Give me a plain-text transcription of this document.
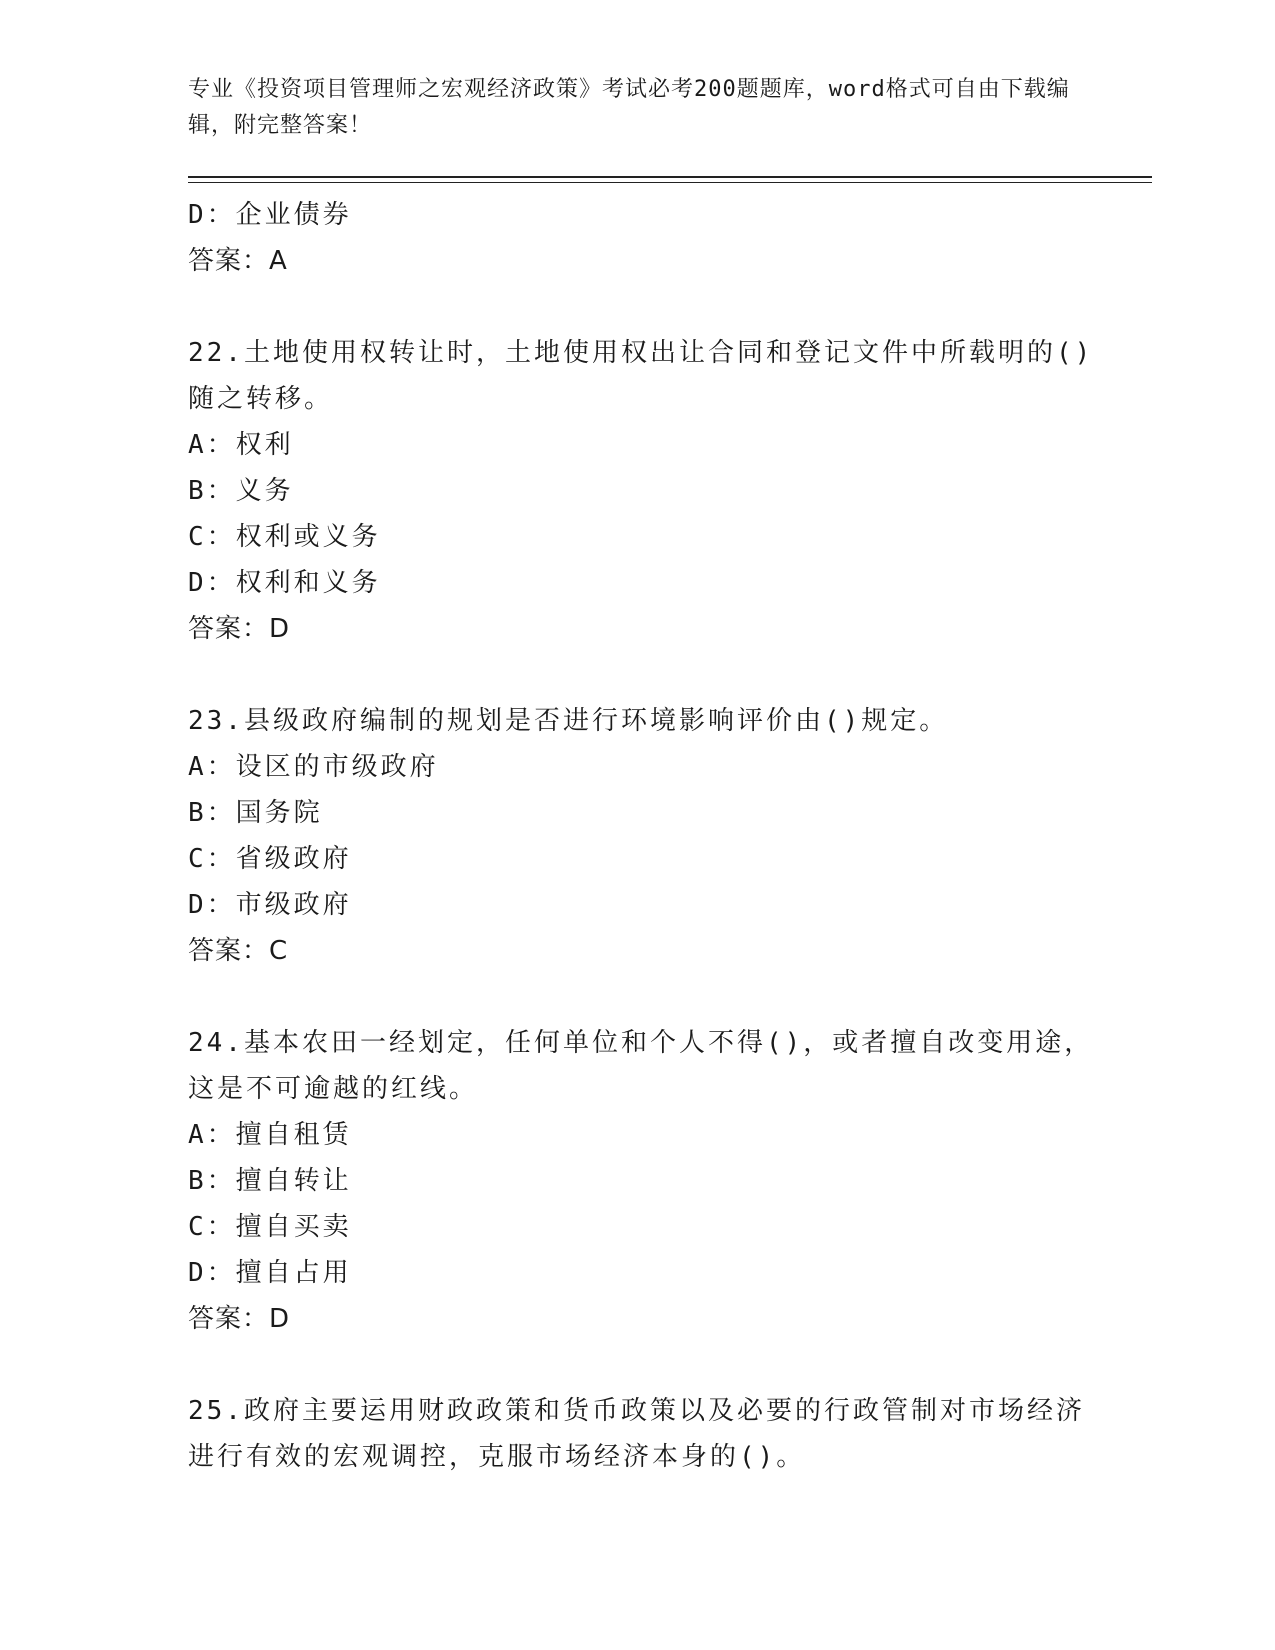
专业《投资项目管理师之宏观经济政策》考试必考200题题库，word格式可自由下载编辑，附完整答案！
D：企业债券
答案：A
22.土地使用权转让时，土地使用权出让合同和登记文件中所载明的()
随之转移。
A：权利
B：义务
C：权利或义务
D：权利和义务
答案：D
23.县级政府编制的规划是否进行环境影响评价由()规定。
A：设区的市级政府
B：国务院
C：省级政府
D：市级政府
答案：C
24.基本农田一经划定，任何单位和个人不得()，或者擅自改变用途，
这是不可逾越的红线。
A：擅自租赁
B：擅自转让
C：擅自买卖
D：擅自占用
答案：D
25.政府主要运用财政政策和货币政策以及必要的行政管制对市场经济
进行有效的宏观调控，克服市场经济本身的()。
